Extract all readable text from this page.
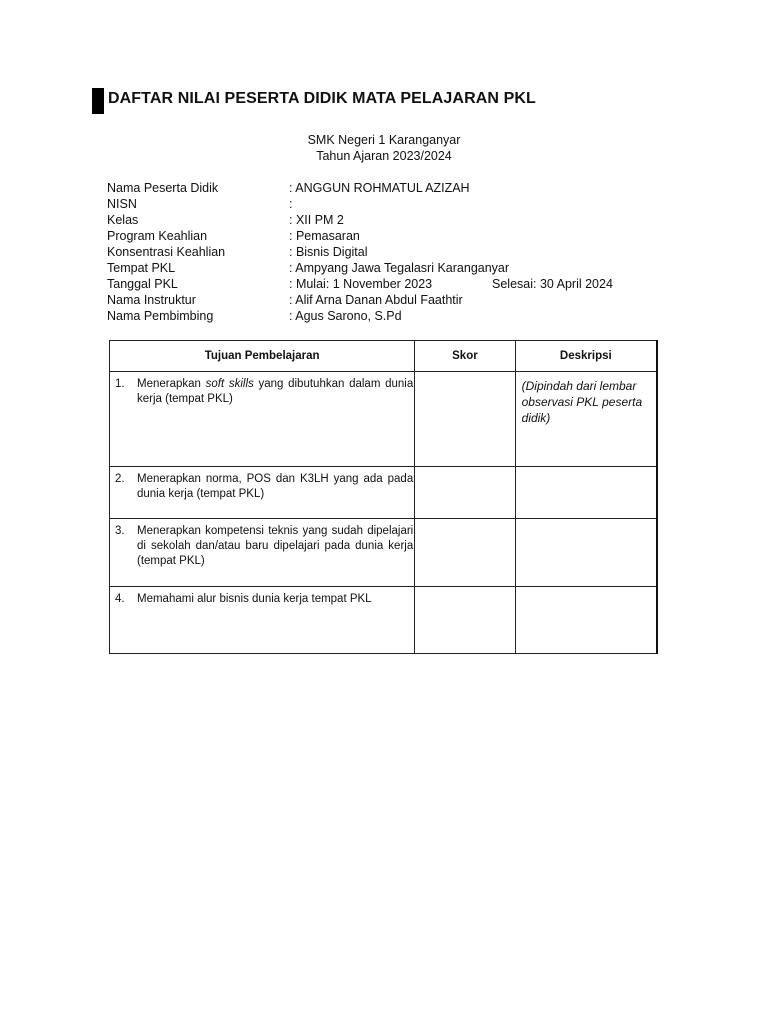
DAFTAR NILAI PESERTA DIDIK MATA PELAJARAN PKL
SMK Negeri 1 Karanganyar
Tahun Ajaran 2023/2024
Nama Peserta Didik	: ANGGUN ROHMATUL AZIZAH
NISN	:
Kelas	: XII PM 2
Program Keahlian	: Pemasaran
Konsentrasi Keahlian	: Bisnis Digital
Tempat PKL	: Ampyang Jawa Tegalasri Karanganyar
Tanggal PKL	: Mulai: 1 November 2023	Selesai: 30 April 2024
Nama Instruktur	: Alif Arna Danan Abdul Faathtir
Nama Pembimbing	: Agus Sarono, S.Pd
Tujuan Pembelajaran	Skor	Deskripsi

1. Menerapkan soft skills yang dibutuhkan dalam dunia kerja (tempat PKL)		(Dipindah dari lembar observasi PKL peserta didik)

2. Menerapkan norma, POS dan K3LH yang ada pada dunia kerja (tempat PKL)		

3. Menerapkan kompetensi teknis yang sudah dipelajari di sekolah dan/atau baru dipelajari pada dunia kerja (tempat PKL)		

4. Memahami alur bisnis dunia kerja tempat PKL		
